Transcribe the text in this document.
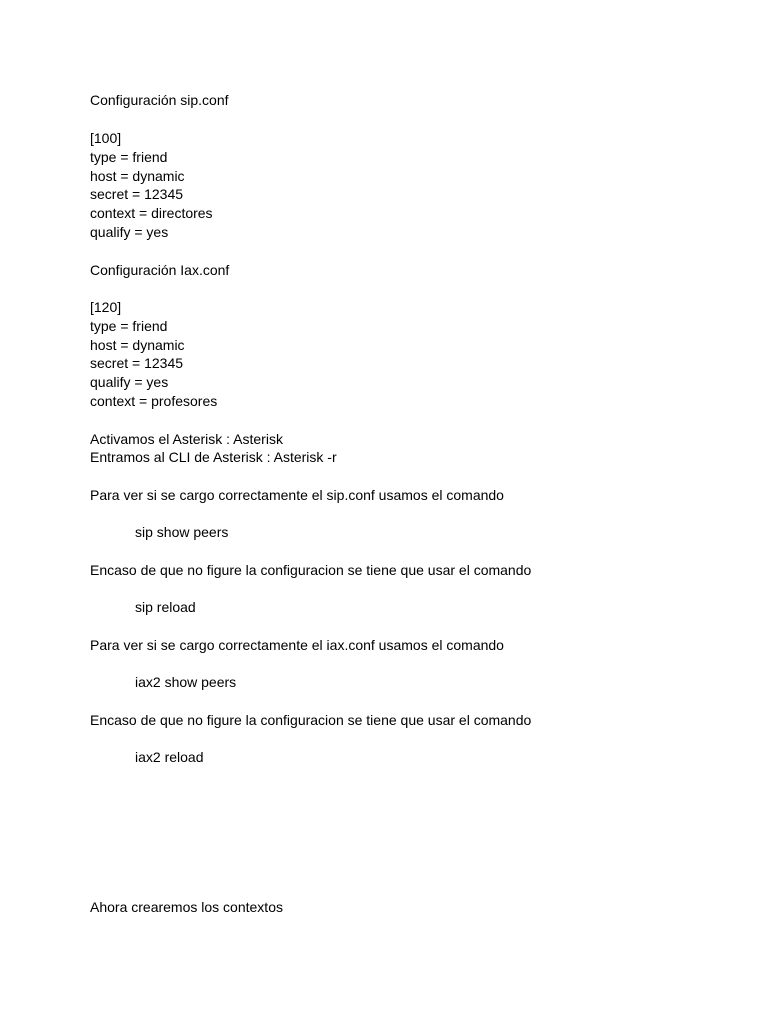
Configuración sip.conf
[100]
type = friend
host = dynamic
secret = 12345
context = directores
qualify = yes
Configuración Iax.conf
[120]
type = friend
host = dynamic
secret = 12345
qualify = yes
context = profesores
Activamos el Asterisk : Asterisk
Entramos al CLI de Asterisk : Asterisk -r
Para ver si se cargo correctamente el sip.conf usamos el comando
sip show peers
Encaso de que no figure la configuracion se tiene que usar el comando
sip reload
Para ver si se cargo correctamente el iax.conf usamos el comando
iax2 show peers
Encaso de que no figure la configuracion se tiene que usar el comando
iax2 reload
Ahora crearemos los contextos
